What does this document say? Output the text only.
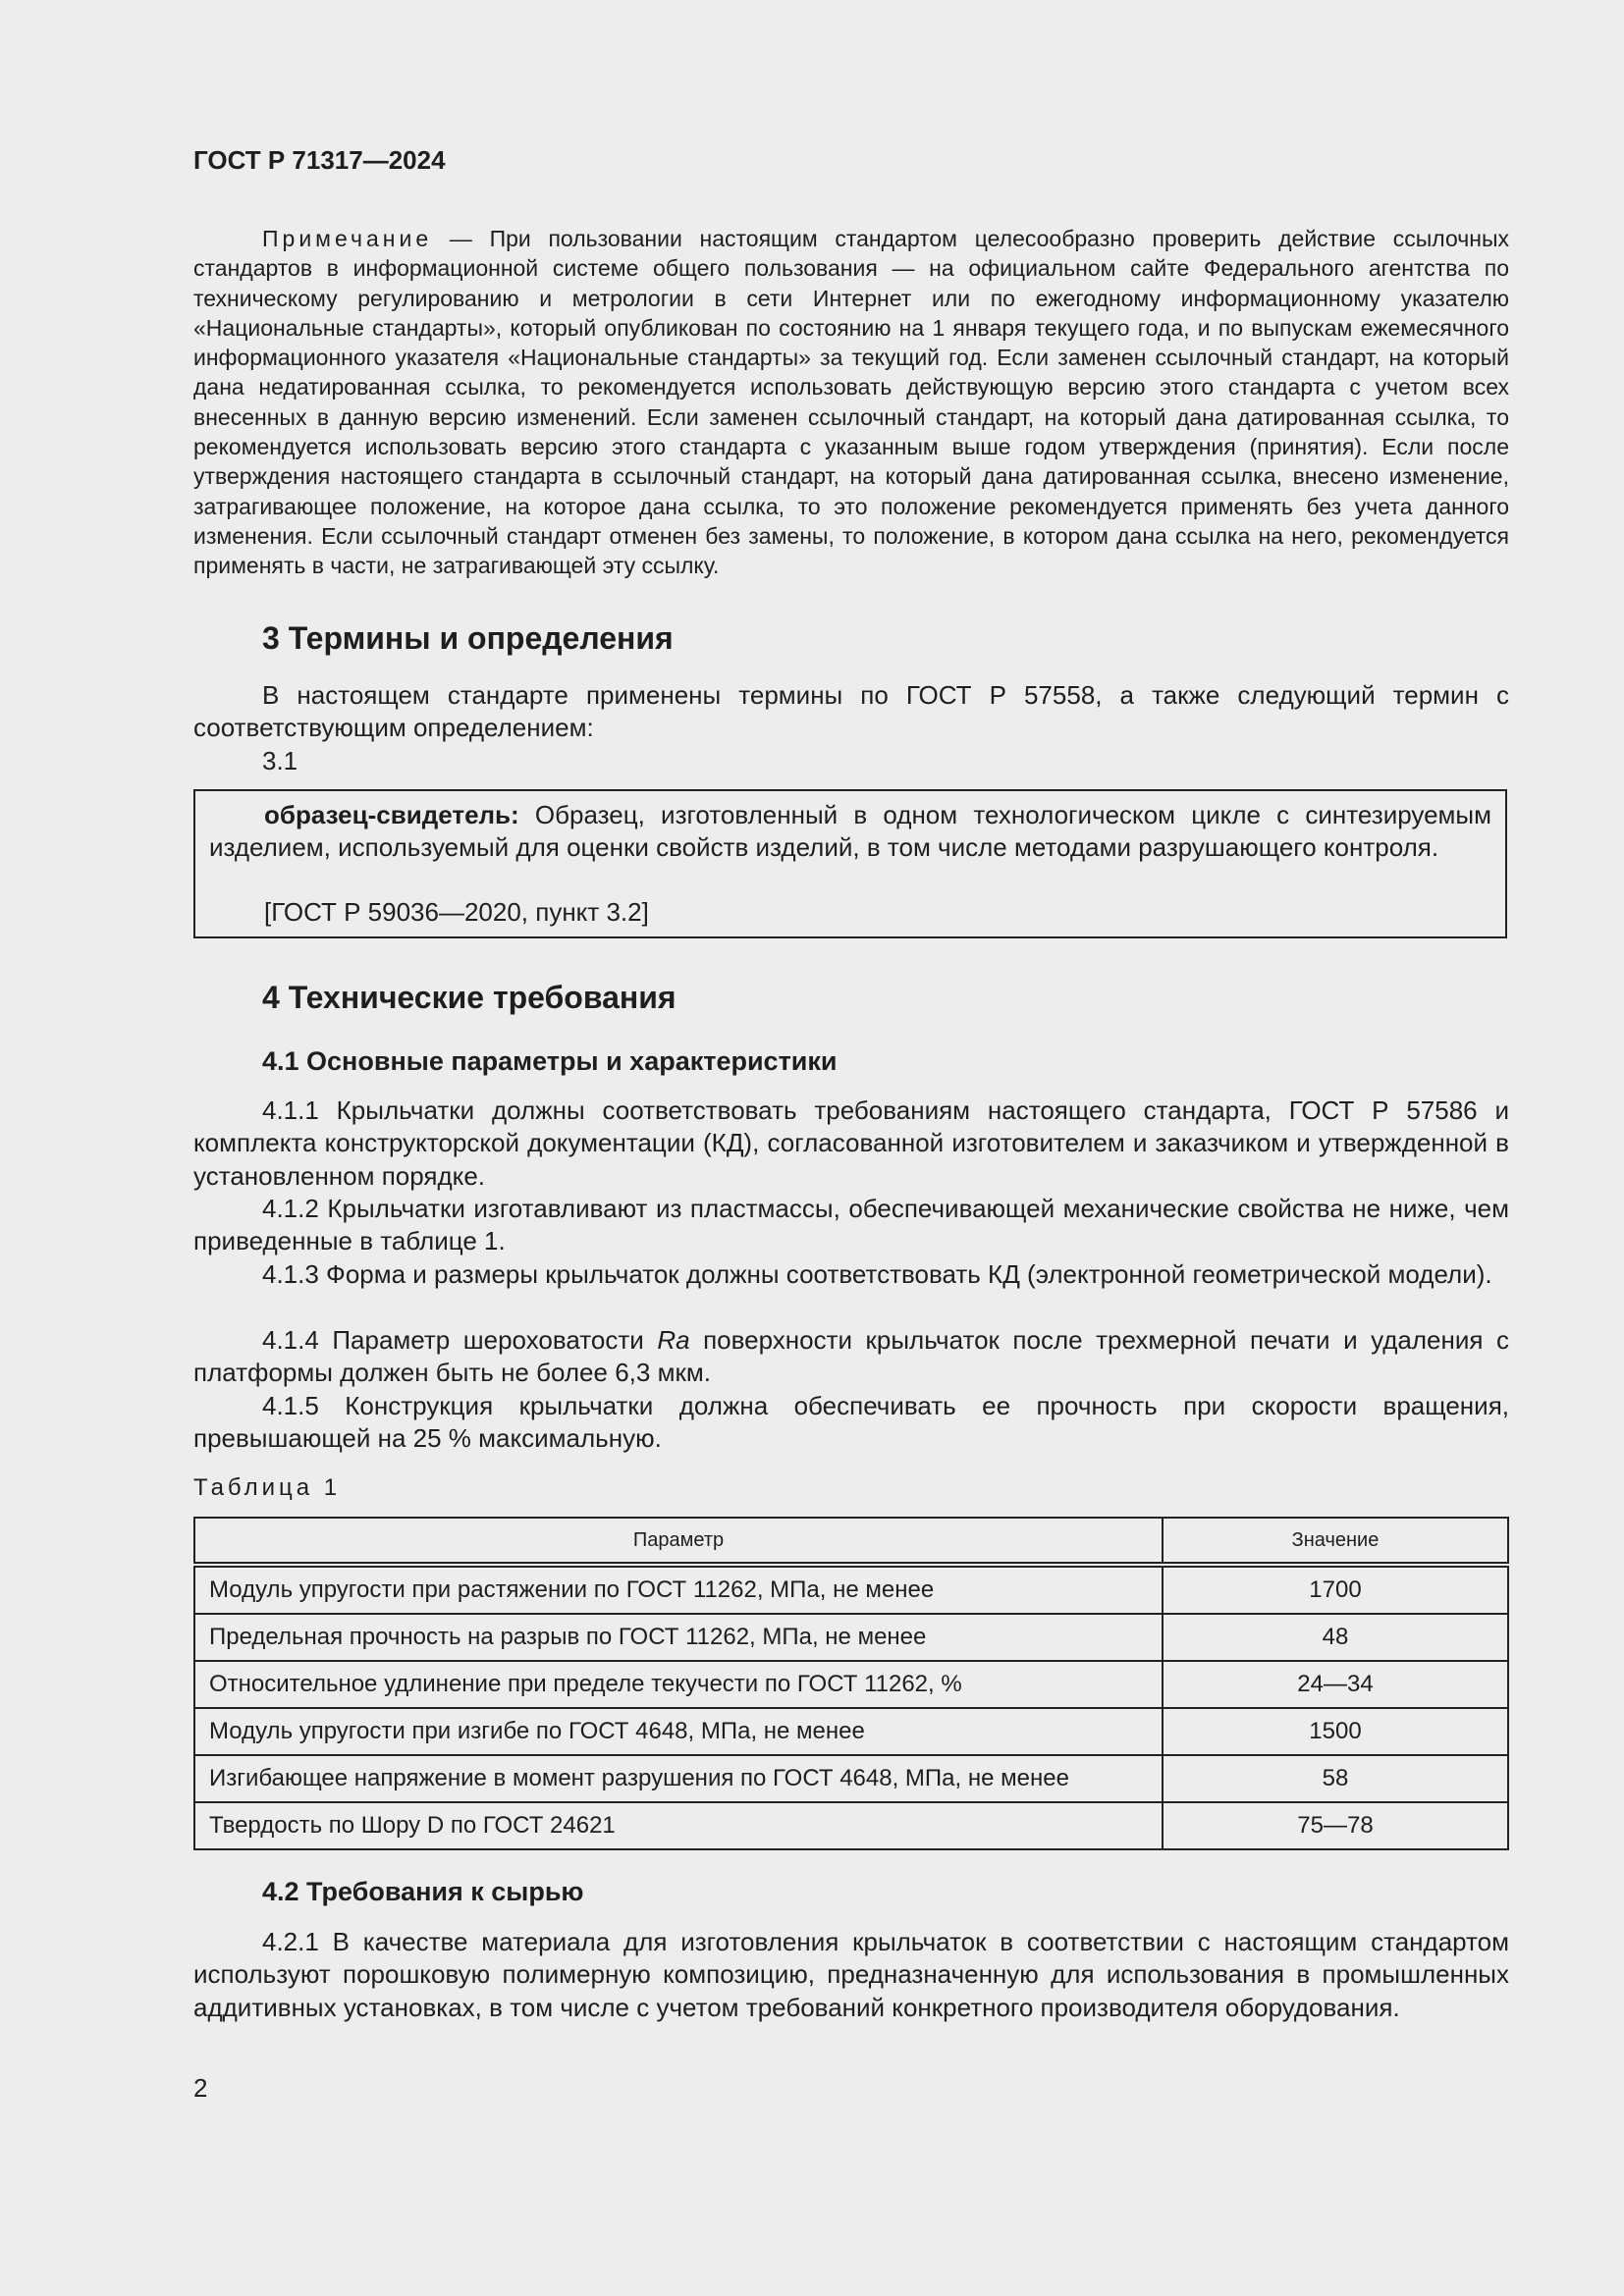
ГОСТ Р 71317—2024
Примечание — При пользовании настоящим стандартом целесообразно проверить действие ссылочных стандартов в информационной системе общего пользования — на официальном сайте Федерального агентства по техническому регулированию и метрологии в сети Интернет или по ежегодному информационному указателю «Национальные стандарты», который опубликован по состоянию на 1 января текущего года, и по выпускам ежемесячного информационного указателя «Национальные стандарты» за текущий год. Если заменен ссылочный стандарт, на который дана недатированная ссылка, то рекомендуется использовать действующую версию этого стандарта с учетом всех внесенных в данную версию изменений. Если заменен ссылочный стандарт, на который дана датированная ссылка, то рекомендуется использовать версию этого стандарта с указанным выше годом утверждения (принятия). Если после утверждения настоящего стандарта в ссылочный стандарт, на который дана датированная ссылка, внесено изменение, затрагивающее положение, на которое дана ссылка, то это положение рекомендуется применять без учета данного изменения. Если ссылочный стандарт отменен без замены, то положение, в котором дана ссылка на него, рекомендуется применять в части, не затрагивающей эту ссылку.
3 Термины и определения
В настоящем стандарте применены термины по ГОСТ Р 57558, а также следующий термин с соответствующим определением:
3.1
образец-свидетель: Образец, изготовленный в одном технологическом цикле с синтезируемым изделием, используемый для оценки свойств изделий, в том числе методами разрушающего контроля.
[ГОСТ Р 59036—2020, пункт 3.2]
4 Технические требования
4.1 Основные параметры и характеристики
4.1.1 Крыльчатки должны соответствовать требованиям настоящего стандарта, ГОСТ Р 57586 и комплекта конструкторской документации (КД), согласованной изготовителем и заказчиком и утвержденной в установленном порядке.
4.1.2 Крыльчатки изготавливают из пластмассы, обеспечивающей механические свойства не ниже, чем приведенные в таблице 1.
4.1.3 Форма и размеры крыльчаток должны соответствовать КД (электронной геометрической модели).
4.1.4 Параметр шероховатости Ra поверхности крыльчаток после трехмерной печати и удаления с платформы должен быть не более 6,3 мкм.
4.1.5 Конструкция крыльчатки должна обеспечивать ее прочность при скорости вращения, превышающей на 25 % максимальную.
Таблица 1
Параметр	Значение
Модуль упругости при растяжении по ГОСТ 11262, МПа, не менее	1700
Предельная прочность на разрыв по ГОСТ 11262, МПа, не менее	48
Относительное удлинение при пределе текучести по ГОСТ 11262, %	24—34
Модуль упругости при изгибе по ГОСТ 4648, МПа, не менее	1500
Изгибающее напряжение в момент разрушения по ГОСТ 4648, МПа, не менее	58
Твердость по Шору D по ГОСТ 24621	75—78
4.2 Требования к сырью
4.2.1 В качестве материала для изготовления крыльчаток в соответствии с настоящим стандартом используют порошковую полимерную композицию, предназначенную для использования в промышленных аддитивных установках, в том числе с учетом требований конкретного производителя оборудования.
2
